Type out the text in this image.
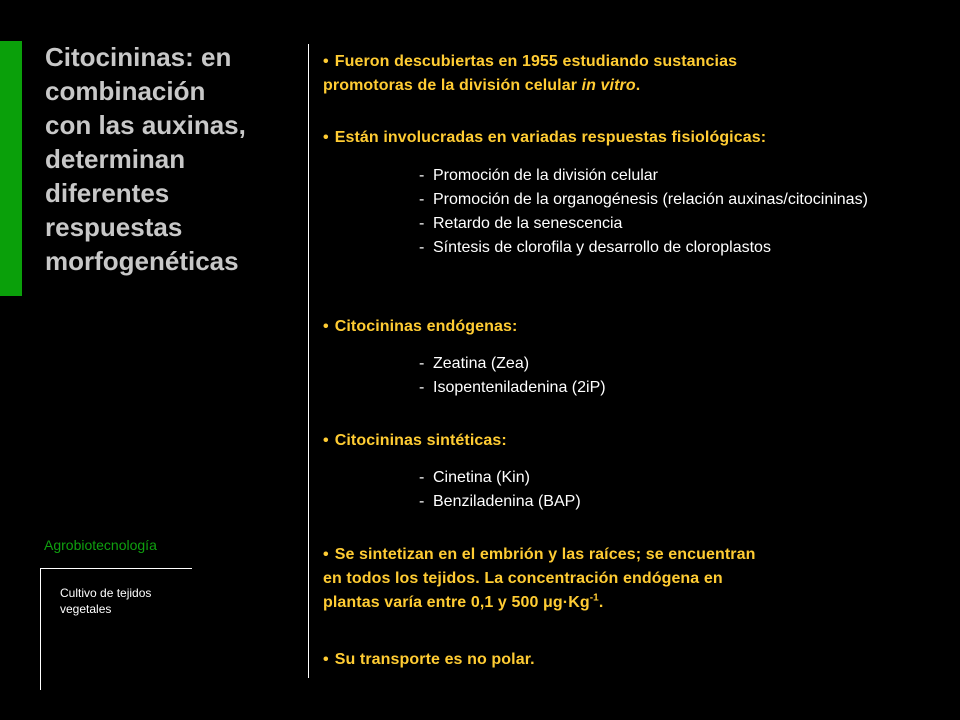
Citocininas: en
combinación
con las auxinas,
determinan
diferentes
respuestas
morfogenéticas
Agrobiotecnología
Cultivo de tejidos vegetales
• Fueron descubiertas en 1955 estudiando sustancias
promotoras de la división celular in vitro.
• Están involucradas en variadas respuestas fisiológicas:
- Promoción de la división celular
- Promoción de la organogénesis (relación auxinas/citocininas)
- Retardo de la senescencia
- Síntesis de clorofila y desarrollo de cloroplastos
• Citocininas endógenas:
- Zeatina (Zea)
- Isopenteniladenina (2iP)
• Citocininas sintéticas:
- Cinetina (Kin)
- Benziladenina (BAP)
• Se sintetizan en el embrión y las raíces; se encuentran
en todos los tejidos. La concentración endógena en
plantas varía entre 0,1 y 500 $\mu g\cdot Kg^{-1}$.
• Su transporte es no polar.
